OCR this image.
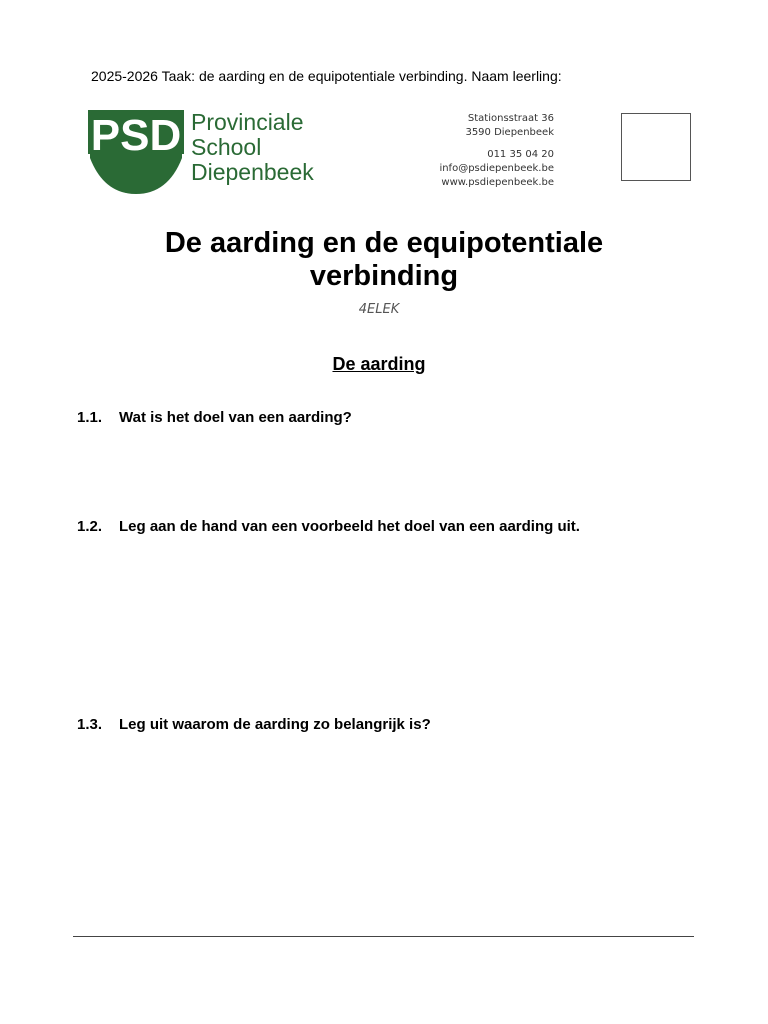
2025-2026 Taak: de aarding en de equipotentiale verbinding. Naam leerling:
PSD Provinciale
School
Diepenbeek
Stationsstraat 36
3590 Diepenbeek
011 35 04 20
info@psdiepenbeek.be
www.psdiepenbeek.be
De aarding en de equipotentiale
verbinding
4ELEK
De aarding
1.1. Wat is het doel van een aarding?
1.2. Leg aan de hand van een voorbeeld het doel van een aarding uit.
1.3. Leg uit waarom de aarding zo belangrijk is?
